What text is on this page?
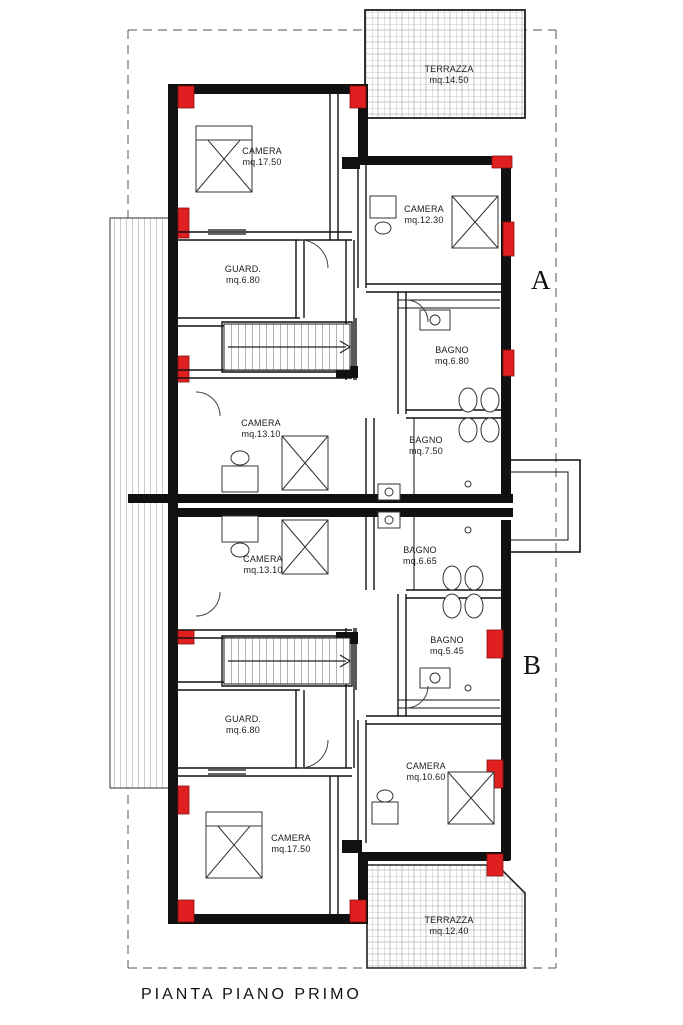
TERRAZZA
mq.14.50
CAMERA
mq.17.50
CAMERA
mq.12.30
GUARD.
mq.6.80
BAGNO
mq.6.80
CAMERA
mq.13.10
BAGNO
mq.7.50
CAMERA
mq.13.10
BAGNO
mq.6.65
BAGNO
mq.5.45
GUARD.
mq.6.80
CAMERA
mq.10.60
CAMERA
mq.17.50
TERRAZZA
mq.12.40
A
B
PIANTA PIANO PRIMO
